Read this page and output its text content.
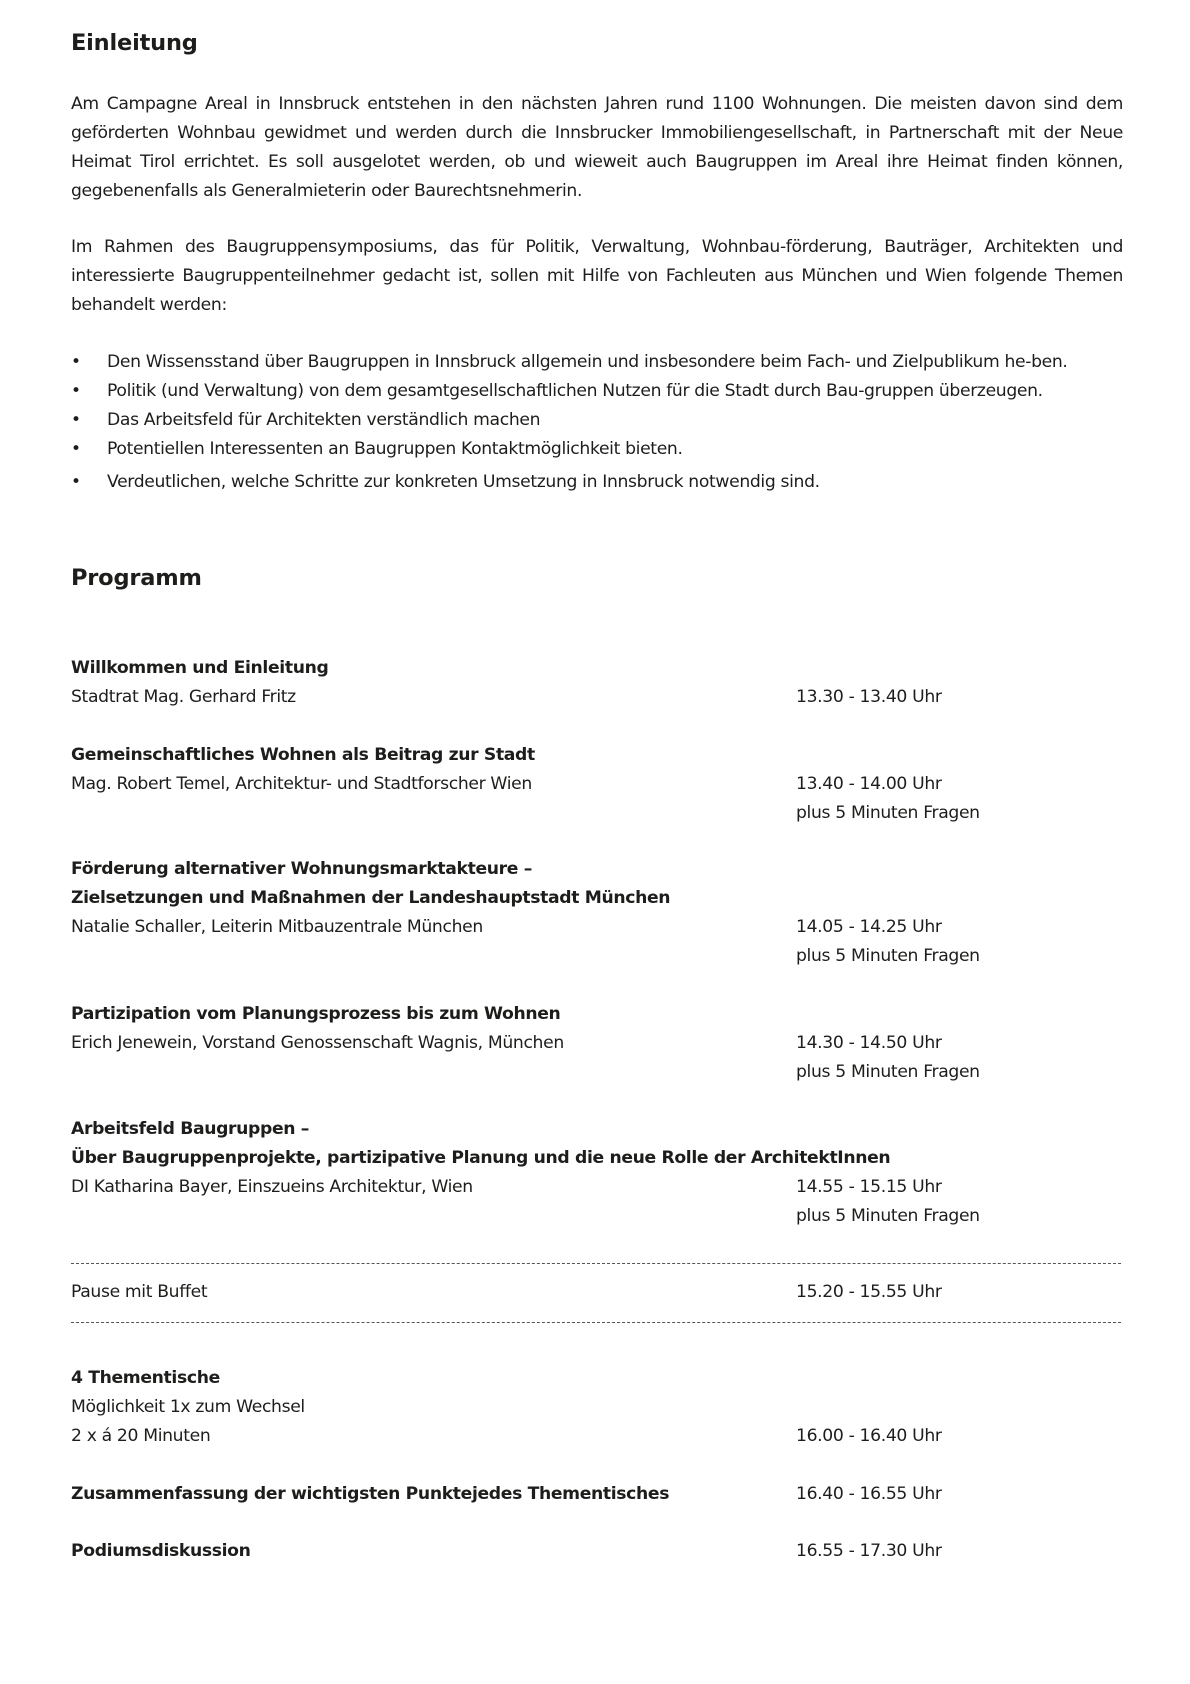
Einleitung

Am Campagne Areal in Innsbruck entstehen in den nächsten Jahren rund 1100 Wohnungen. Die meisten davon sind dem geförderten Wohnbau gewidmet und werden durch die Innsbrucker Immobiliengesellschaft, in Partnerschaft mit der Neue Heimat Tirol errichtet. Es soll ausgelotet werden, ob und wieweit auch Baugruppen im Areal ihre Heimat finden können, gegebenenfalls als Generalmieterin oder Baurechtsnehmerin.

Im Rahmen des Baugruppensymposiums, das für Politik, Verwaltung, Wohnbau-förderung, Bauträger, Architekten und interessierte Baugruppenteilnehmer gedacht ist, sollen mit Hilfe von Fachleuten aus München und Wien folgende Themen behandelt werden:

• Den Wissensstand über Baugruppen in Innsbruck allgemein und insbesondere beim Fach- und Zielpublikum he-ben.
• Politik (und Verwaltung) von dem gesamtgesellschaftlichen Nutzen für die Stadt durch Bau-gruppen überzeugen.
• Das Arbeitsfeld für Architekten verständlich machen
• Potentiellen Interessenten an Baugruppen Kontaktmöglichkeit bieten.
• Verdeutlichen, welche Schritte zur konkreten Umsetzung in Innsbruck notwendig sind.
Programm
Willkommen und Einleitung
Stadtrat Mag. Gerhard Fritz	13.30 - 13.40 Uhr
Gemeinschaftliches Wohnen als Beitrag zur Stadt
Mag. Robert Temel, Architektur- und Stadtforscher Wien	13.40 - 14.00 Uhr
plus 5 Minuten Fragen
Förderung alternativer Wohnungsmarktakteure –
Zielsetzungen und Maßnahmen der Landeshauptstadt München
Natalie Schaller, Leiterin Mitbauzentrale München	14.05 - 14.25 Uhr
plus 5 Minuten Fragen
Partizipation vom Planungsprozess bis zum Wohnen
Erich Jenewein, Vorstand Genossenschaft Wagnis, München	14.30 - 14.50 Uhr
plus 5 Minuten Fragen
Arbeitsfeld Baugruppen –
Über Baugruppenprojekte, partizipative Planung und die neue Rolle der ArchitektInnen
DI Katharina Bayer, Einszueins Architektur, Wien	14.55 - 15.15 Uhr
plus 5 Minuten Fragen
Pause mit Buffet	15.20 - 15.55 Uhr
4 Thementische
Möglichkeit 1x zum Wechsel
2 x á 20 Minuten	16.00 - 16.40 Uhr
Zusammenfassung der wichtigsten Punktejedes Thementisches	16.40 - 16.55 Uhr
Podiumsdiskussion	16.55 - 17.30 Uhr
